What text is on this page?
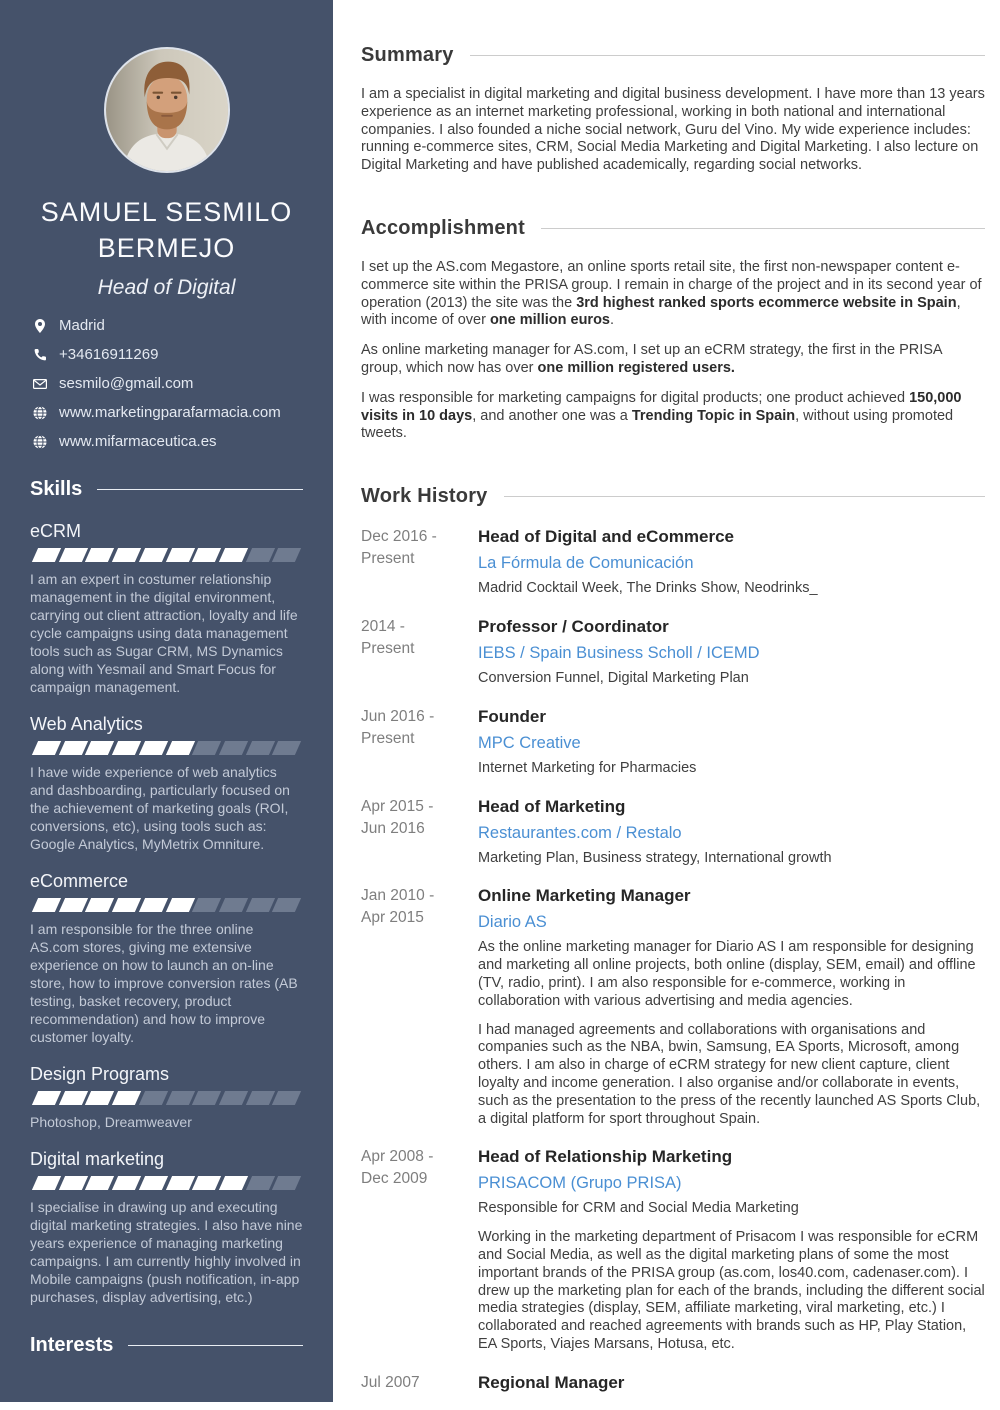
SAMUEL SESMILO BERMEJO
Head of Digital
Madrid
+34616911269
sesmilo@gmail.com
www.marketingparafarmacia.com
www.mifarmaceutica.es
Skills
eCRM
I am an expert in costumer relationship management in the digital environment, carrying out client attraction, loyalty and life cycle campaigns using data management tools such as Sugar CRM, MS Dynamics along with Yesmail and Smart Focus for campaign management.
Web Analytics
I have wide experience of web analytics and dashboarding, particularly focused on the achievement of marketing goals (ROI, conversions, etc), using tools such as: Google Analytics, MyMetrix Omniture.
eCommerce
I am responsible for the three online AS.com stores, giving me extensive experience on how to launch an on-line store, how to improve conversion rates (AB testing, basket recovery, product recommendation) and how to improve customer loyalty.
Design Programs
Photoshop, Dreamweaver
Digital marketing
I specialise in drawing up and executing digital marketing strategies. I also have nine years experience of managing marketing campaigns. I am currently highly involved in Mobile campaigns (push notification, in-app purchases, display advertising, etc.)
Interests
Summary

I am a specialist in digital marketing and digital business development. I have more than 13 years experience as an internet marketing professional, working in both national and international companies. I also founded a niche social network, Guru del Vino. My wide experience includes: running e-commerce sites, CRM, Social Media Marketing and Digital Marketing. I also lecture on Digital Marketing and have published academically, regarding social networks.

Accomplishment

I set up the AS.com Megastore, an online sports retail site, the first non-newspaper content e-commerce site within the PRISA group. I remain in charge of the project and in its second year of operation (2013) the site was the 3rd highest ranked sports ecommerce website in Spain, with income of over one million euros.

As online marketing manager for AS.com, I set up an eCRM strategy, the first in the PRISA group, which now has over one million registered users.

I was responsible for marketing campaigns for digital products; one product achieved 150,000 visits in 10 days, and another one was a Trending Topic in Spain, without using promoted tweets.

Work History
Dec 2016 -
Present
Head of Digital and eCommerce
La Fórmula de Comunicación

Madrid Cocktail Week, The Drinks Show, Neodrinks_

2014 -
Present
Professor / Coordinator
IEBS / Spain Business Scholl / ICEMD

Conversion Funnel, Digital Marketing Plan

Jun 2016 -
Present
Founder
MPC Creative

Internet Marketing for Pharmacies

Apr 2015 -
Jun 2016
Head of Marketing
Restaurantes.com / Restalo

Marketing Plan, Business strategy, International growth

Jan 2010 -
Apr 2015
Online Marketing Manager
Diario AS

As the online marketing manager for Diario AS I am responsible for designing and marketing all online projects, both online (display, SEM, email) and offline (TV, radio, print). I am also responsible for e-commerce, working in collaboration with various advertising and media agencies.

I had managed agreements and collaborations with organisations and companies such as the NBA, bwin, Samsung, EA Sports, Microsoft, among others. I am also in charge of eCRM strategy for new client capture, client loyalty and income generation. I also organise and/or collaborate in events, such as the presentation to the press of the recently launched AS Sports Club, a digital platform for sport throughout Spain.

Apr 2008 -
Dec 2009
Head of Relationship Marketing
PRISACOM (Grupo PRISA)

Responsible for CRM and Social Media Marketing

Working in the marketing department of Prisacom I was responsible for eCRM and Social Media, as well as the digital marketing plans of some the most important brands of the PRISA group (as.com, los40.com, cadenaser.com). I drew up the marketing plan for each of the brands, including the different social media strategies (display, SEM, affiliate marketing, viral marketing, etc.) I collaborated and reached agreements with brands such as HP, Play Station, EA Sports, Viajes Marsans, Hotusa, etc.

Jul 2007	Regional Manager
